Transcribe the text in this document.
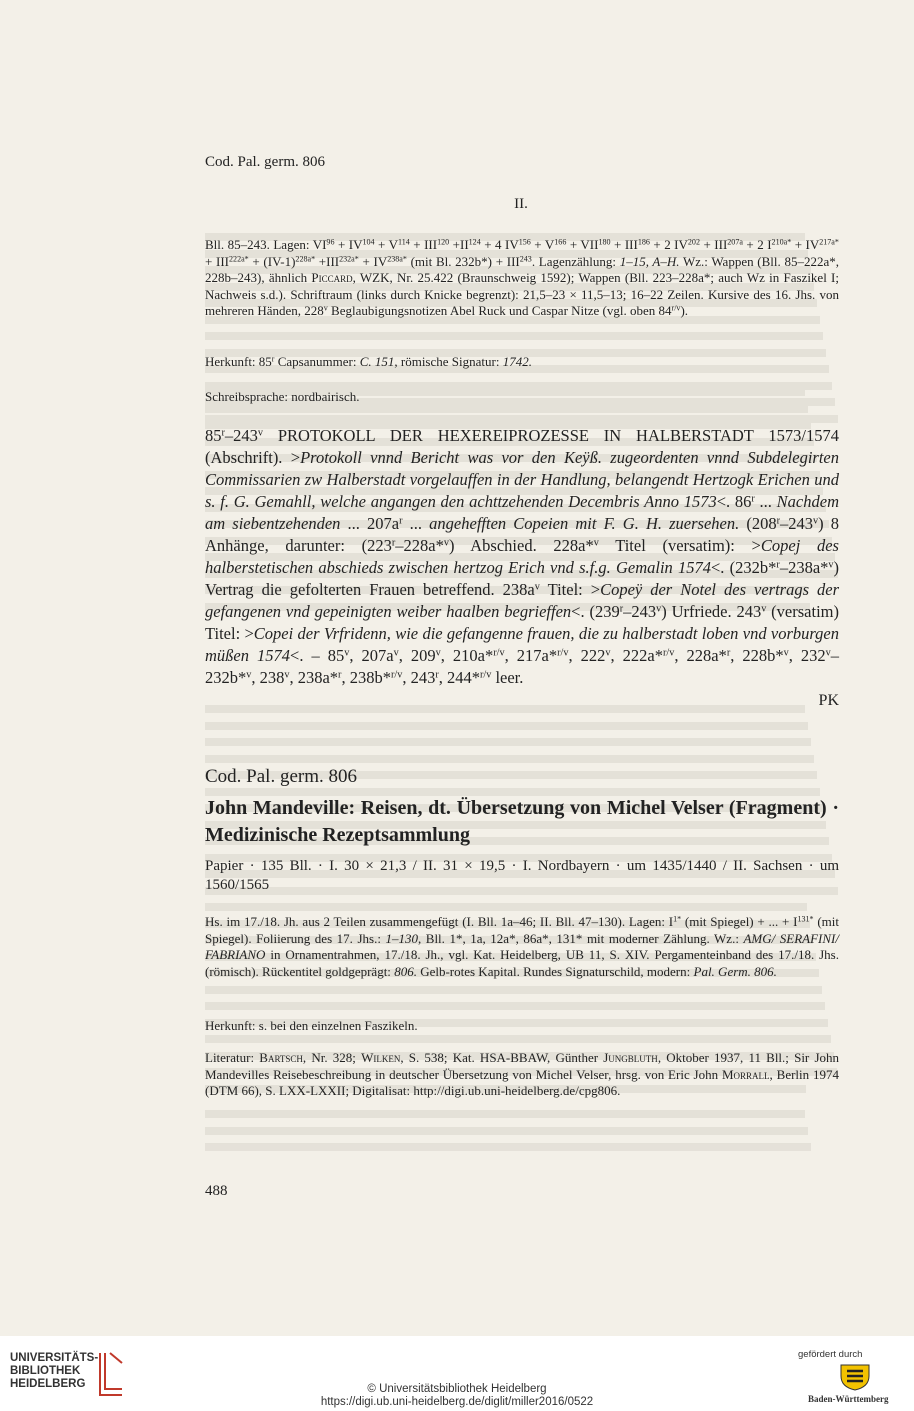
Cod. Pal. germ. 806
II.
Bll. 85–243. Lagen: $VI^{96} + IV^{104} + V^{114} + III^{120} +II^{124} + 4$ $IV^{156} + V^{166} + VII^{180} + III^{186} + 2$ $IV^{202} + III^{207a} + 2$ $I^{210a*} + IV^{217a*} + III^{222a*} + (IV-1)^{228a*} +III^{232a*} + IV^{238a*}$ (mit Bl. $232b*) + III^{243}$. Lagenzählung: 1–15, A–H. Wz.: Wappen (Bll. 85–222a*, 228b–243), ähnlich Piccard, WZK, Nr. 25.422 (Braunschweig 1592); Wappen (Bll. 223–228a*; auch Wz in Faszikel I; Nachweis s.d.). Schriftraum (links durch Knicke begrenzt): 21,5–23 × 11,5–13; 16–22 Zeilen. Kursive des 16. Jhs. von mehreren Händen, 228$^v$ Beglaubigungsnotizen Abel Ruck und Caspar Nitze (vgl. oben $84^{r/v}$).
Herkunft: 85$^r$ Capsanummer: C. 151, römische Signatur: 1742.
Schreibsprache: nordbairisch.
85$^r$–243$^v$ PROTOKOLL DER HEXEREIPROZESSE IN HALBERSTADT 1573/1574 (Abschrift). >Protokoll vnnd Bericht was vor den Keÿß. zugeordenten vnnd Subdelegirten Commissarien zw Halberstadt vorgelauffen in der Handlung, belangendt Hertzogk Erichen und s. f. G. Gemahll, welche angangen den achttzehenden Decembris Anno 1573<. 86$^r$ ... Nachdem am siebentzehenden ... $207a^r$ ... angehefften Copeien mit F. G. H. zuersehen. (208$^r$–243$^v$) 8 Anhänge, darunter: (223$^r$–228a*$^v$) Abschied. 228a*$^v$ Titel (versatim): >Copej des halberstetischen abschieds zwischen hertzog Erich vnd s.f.g. Gemalin 1574<. (232b*$^r$–238a*$^v$) Vertrag die gefolterten Frauen betreffend. $238a^v$ Titel: >Copeÿ der Notel des vertrags der gefangenen vnd gepeinigten weiber haalben begrieffen<. (239$^r$–243$^v$) Urfriede. 243$^v$ (versatim) Titel: >Copei der Vrfridenn, wie die gefangenne frauen, die zu halberstadt loben vnd vorburgen müßen 1574<. – 85$^v$, $207a^v$, 209$^v$, 210a*$^{r/v}$, 217a*$^{r/v}$, 222$^v$, 222a*$^{r/v}$, 228a*$^r$, 228b*$^v$, 232$^v$–232b*$^v$, 238$^v$, 238a*$^r$, 238b*$^{r/v}$, 243$^r$, 244*$^{r/v}$ leer.
PK
Cod. Pal. germ. 806
John Mandeville: Reisen, dt. Übersetzung von Michel Velser (Fragment) · Medizinische Rezeptsammlung
Papier · 135 Bll. · I. 30 × 21,3 / II. 31 × 19,5 · I. Nordbayern · um 1435/1440 / II. Sachsen · um 1560/1565
Hs. im 17./18. Jh. aus 2 Teilen zusammengefügt (I. Bll. 1a–46; II. Bll. 47–130). Lagen: $I^{1*}$ (mit Spiegel) + ... + $I^{131*}$ (mit Spiegel). Foliierung des 17. Jhs.: 1–130, Bll. 1*, 1a, 12a*, 86a*, 131* mit moderner Zählung. Wz.: AMG/ SERAFINI/ FABRIANO in Ornamentrahmen, 17./18. Jh., vgl. Kat. Heidelberg, UB 11, S. XIV. Pergamenteinband des 17./18. Jhs. (römisch). Rückentitel goldgeprägt: 806. Gelb-rotes Kapital. Rundes Signaturschild, modern: Pal. Germ. 806.
Herkunft: s. bei den einzelnen Faszikeln.
Literatur: Bartsch, Nr. 328; Wilken, S. 538; Kat. HSA-BBAW, Günther Jungbluth, Oktober 1937, 11 Bll.; Sir John Mandevilles Reisebeschreibung in deutscher Übersetzung von Michel Velser, hrsg. von Eric John Morrall, Berlin 1974 (DTM 66), S. LXX-LXXII; Digitalisat: http://digi.ub.uni-heidelberg.de/cpg806.
488
UNIVERSITÄTS-
BIBLIOTHEK
HEIDELBERG	© Universitätsbibliothek Heidelberg
https://digi.ub.uni-heidelberg.de/diglit/miller2016/0522
gefördert durch
Baden-Württemberg
